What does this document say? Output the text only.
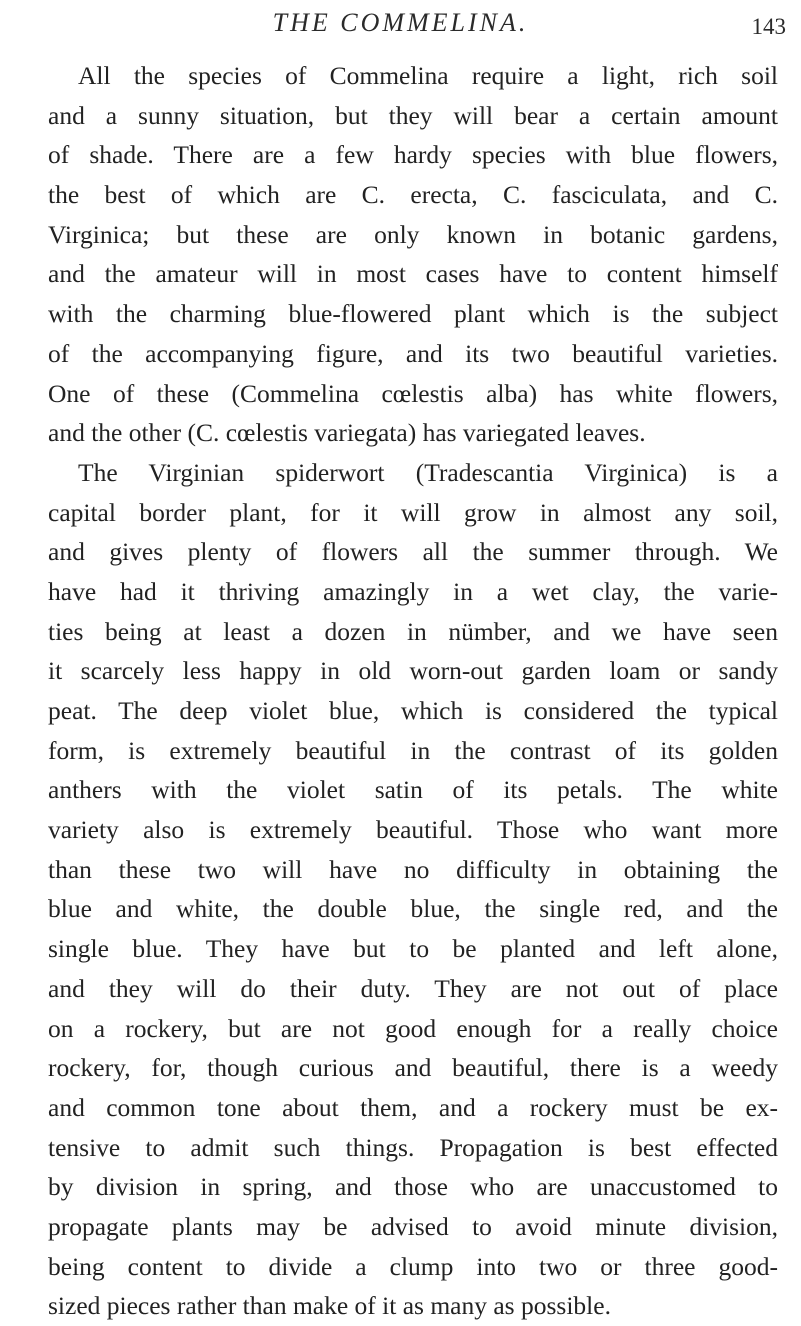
THE COMMELINA.	143
All the species of Commelina require a light, rich soil
and a sunny situation, but they will bear a certain amount
of shade. There are a few hardy species with blue flowers,
the best of which are C. erecta, C. fasciculata, and C.
Virginica; but these are only known in botanic gardens,
and the amateur will in most cases have to content himself
with the charming blue-flowered plant which is the subject
of the accompanying figure, and its two beautiful varieties.
One of these (Commelina cœlestis alba) has white flowers,
and the other (C. cœlestis variegata) has variegated leaves.
The Virginian spiderwort (Tradescantia Virginica) is a
capital border plant, for it will grow in almost any soil,
and gives plenty of flowers all the summer through. We
have had it thriving amazingly in a wet clay, the varie-
ties being at least a dozen in nümber, and we have seen
it scarcely less happy in old worn-out garden loam or sandy
peat. The deep violet blue, which is considered the typical
form, is extremely beautiful in the contrast of its golden
anthers with the violet satin of its petals. The white
variety also is extremely beautiful. Those who want more
than these two will have no difficulty in obtaining the
blue and white, the double blue, the single red, and the
single blue. They have but to be planted and left alone,
and they will do their duty. They are not out of place
on a rockery, but are not good enough for a really choice
rockery, for, though curious and beautiful, there is a weedy
and common tone about them, and a rockery must be ex-
tensive to admit such things. Propagation is best effected
by division in spring, and those who are unaccustomed to
propagate plants may be advised to avoid minute division,
being content to divide a clump into two or three good-
sized pieces rather than make of it as many as possible.
